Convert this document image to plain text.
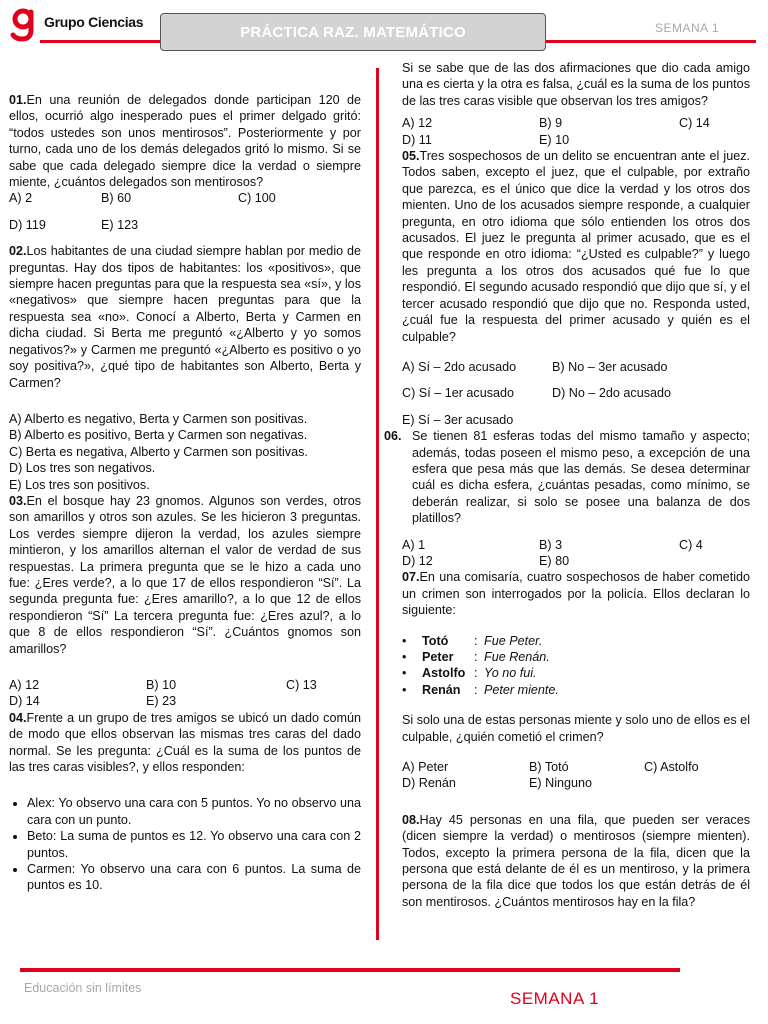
Grupo Ciencias
PRÁCTICA RAZ. MATEMÁTICO	SEMANA 1

01.En una reunión de delegados donde participan 120 de ellos, ocurrió algo inesperado pues el primer delgado gritó: “todos ustedes son unos mentirosos”. Posteriormente y por turno, cada uno de los demás delegados gritó lo mismo. Si se sabe que cada delegado siempre dice la verdad o siempre miente, ¿cuántos delegados son mentirosos?

A) 2	B) 60	C) 100
D) 119	E) 123

02.Los habitantes de una ciudad siempre hablan por medio de preguntas. Hay dos tipos de habitantes: los «positivos», que siempre hacen preguntas para que la respuesta sea «sí», y los «negativos» que siempre hacen preguntas para que la respuesta sea «no». Conocí a Alberto, Berta y Carmen en dicha ciudad. Si Berta me preguntó «¿Alberto y yo somos negativos?» y Carmen me preguntó «¿Alberto es positivo o yo soy positiva?», ¿qué tipo de habitantes son Alberto, Berta y Carmen?

A) Alberto es negativo, Berta y Carmen son positivas.
B) Alberto es positivo, Berta y Carmen son negativas.
C) Berta es negativa, Alberto y Carmen son positivas.
D) Los tres son negativos.
E) Los tres son positivos.

03.En el bosque hay 23 gnomos. Algunos son verdes, otros son amarillos y otros son azules. Se les hicieron 3 preguntas. Los verdes siempre dijeron la verdad, los azules siempre mintieron, y los amarillos alternan el valor de verdad de sus respuestas. La primera pregunta que se le hizo a cada uno fue: ¿Eres verde?, a lo que 17 de ellos respondieron “Sí”. La segunda pregunta fue: ¿Eres amarillo?, a lo que 12 de ellos respondieron “Sí” La tercera pregunta fue: ¿Eres azul?, a lo que 8 de ellos respondieron “Sí”. ¿Cuántos gnomos son amarillos?

A) 12	B) 10	C) 13
D) 14	E) 23

04.Frente a un grupo de tres amigos se ubicó un dado común de modo que ellos observan las mismas tres caras del dado normal. Se les pregunta: ¿Cuál es la suma de los puntos de las tres caras visibles?, y ellos responden:

• Alex: Yo observo una cara con 5 puntos. Yo no observo una cara con un punto.
• Beto: La suma de puntos es 12. Yo observo una cara con 2 puntos.
• Carmen: Yo observo una cara con 6 puntos. La suma de puntos es 10.

Si se sabe que de las dos afirmaciones que dio cada amigo una es cierta y la otra es falsa, ¿cuál es la suma de los puntos de las tres caras visible que observan los tres amigos?

A) 12	B) 9	C) 14
D) 11	E) 10

05.Tres sospechosos de un delito se encuentran ante el juez. Todos saben, excepto el juez, que el culpable, por extraño que parezca, es el único que dice la verdad y los otros dos mienten. Uno de los acusados siempre responde, a cualquier pregunta, en otro idioma que sólo entienden los otros dos acusados. El juez le pregunta al primer acusado, que es el que responde en otro idioma: “¿Usted es culpable?” y luego les pregunta a los otros dos acusados qué fue lo que respondió. El segundo acusado respondió que dijo que sí, y el tercer acusado respondió que dijo que no. Responda usted, ¿cuál fue la respuesta del primer acusado y quién es el culpable?

A) Sí – 2do acusado	B) No – 3er acusado
C) Sí – 1er acusado	D) No – 2do acusado
E) Sí – 3er acusado
06. Se tienen 81 esferas todas del mismo tamaño y aspecto; además, todas poseen el mismo peso, a excepción de una esfera que pesa más que las demás. Se desea determinar cuál es dicha esfera, ¿cuántas pesadas, como mínimo, se deberán realizar, si solo se posee una balanza de dos platillos?

A) 1	B) 3	C) 4
D) 12	E) 80

07.En una comisaría, cuatro sospechosos de haber cometido un crimen son interrogados por la policía. Ellos declaran lo siguiente:

•	Totó	: Fue Peter.
•	Peter	: Fue Renán.
•	Astolfo : Yo no fui.
•	Renán	: Peter miente.

Si solo una de estas personas miente y solo uno de ellos es el culpable, ¿quién cometió el crimen?

A) Peter	B) Totó	C) Astolfo
D) Renán	E) Ninguno

08.Hay 45 personas en una fila, que pueden ser veraces (dicen siempre la verdad) o mentirosos (siempre mienten). Todos, excepto la primera persona de la fila, dicen que la persona que está delante de él es un mentiroso, y la primera persona de la fila dice que todos los que están detrás de él son mentirosos. ¿Cuántos mentirosos hay en la fila?

Educación sin límites
SEMANA 1
